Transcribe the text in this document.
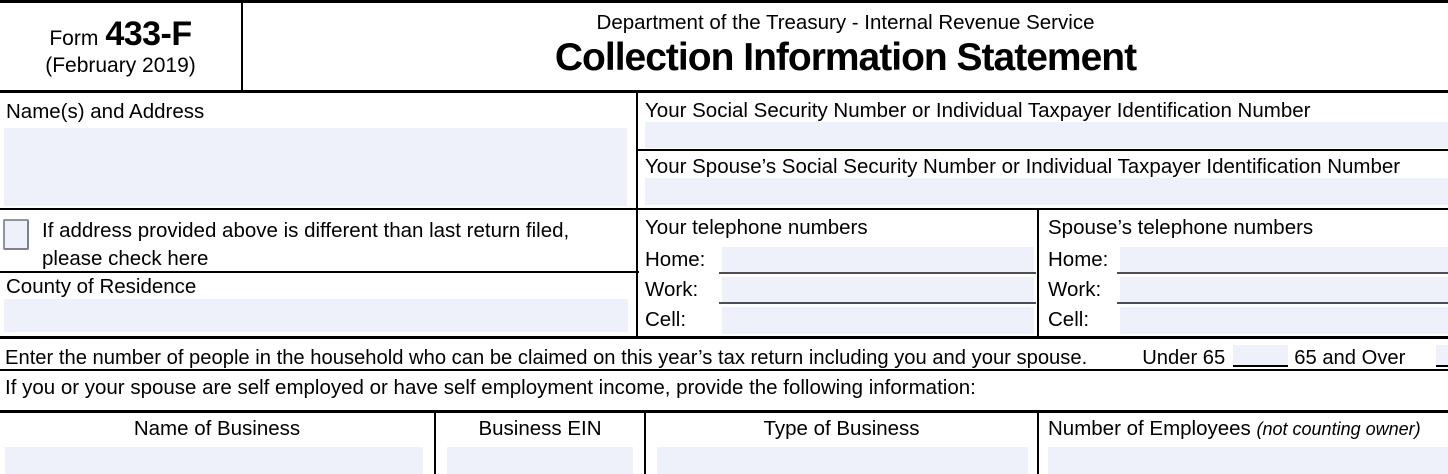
Form 433-F
(February 2019)
Department of the Treasury - Internal Revenue Service
Collection Information Statement
Name(s) and Address	Your Social Security Number or Individual Taxpayer Identification Number
Your Spouse’s Social Security Number or Individual Taxpayer Identification Number
If address provided above is different than last return filed,
please check here
County of Residence
Your telephone numbers
Home:
Work:
Cell:
Spouse’s telephone numbers
Home:
Work:
Cell:

Enter the number of people in the household who can be claimed on this year’s tax return including you and your spouse.	Under 65	65 and Over

If you or your spouse are self employed or have self employment income, provide the following information:
Name of Business	Business EIN	Type of Business	Number of Employees (not counting owner)
